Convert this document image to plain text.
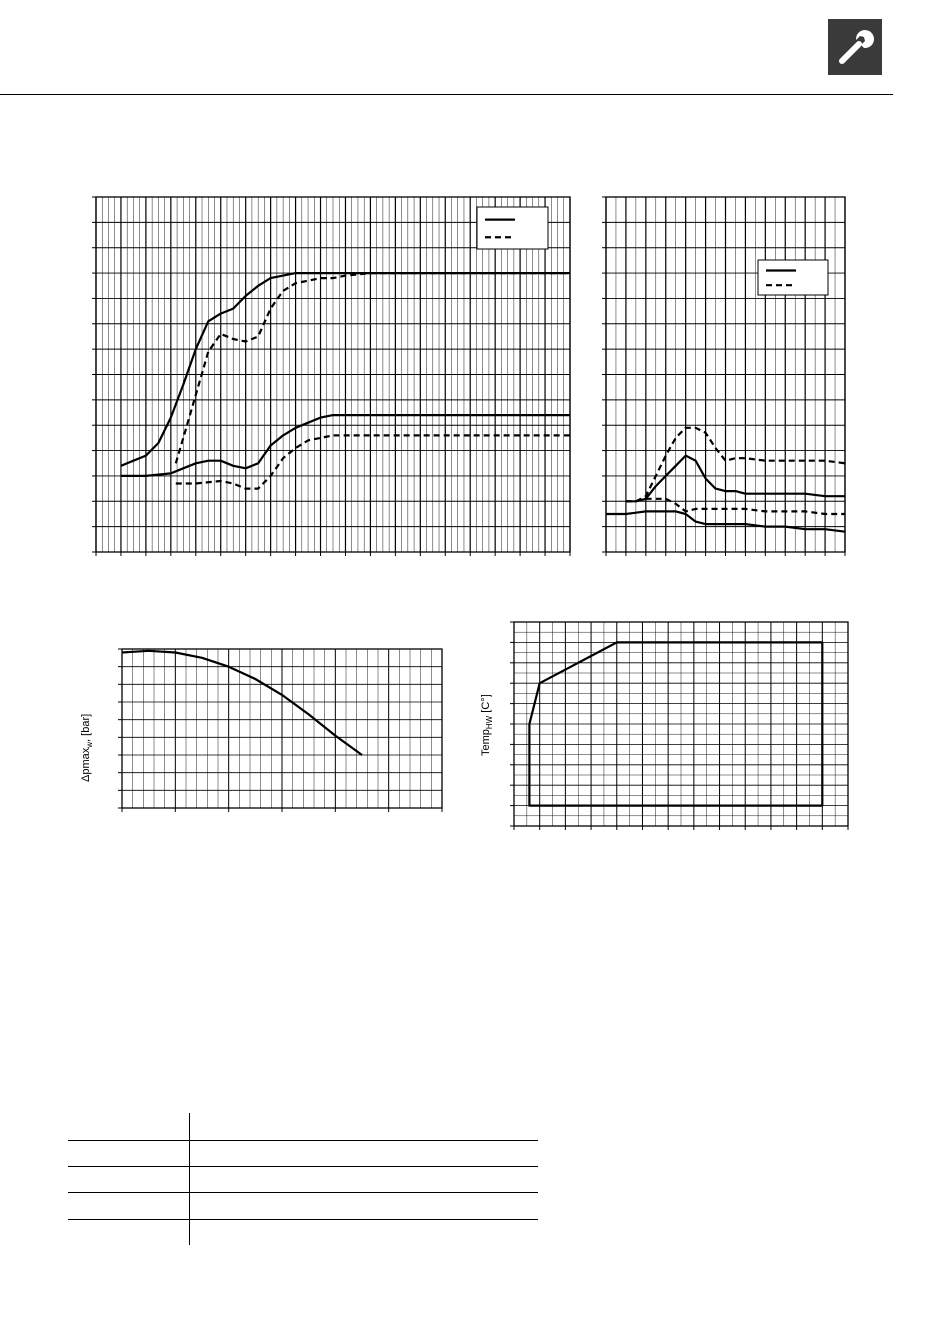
Δpmax$_w$, [bar]
Temp$_{HW}$ [C°]
